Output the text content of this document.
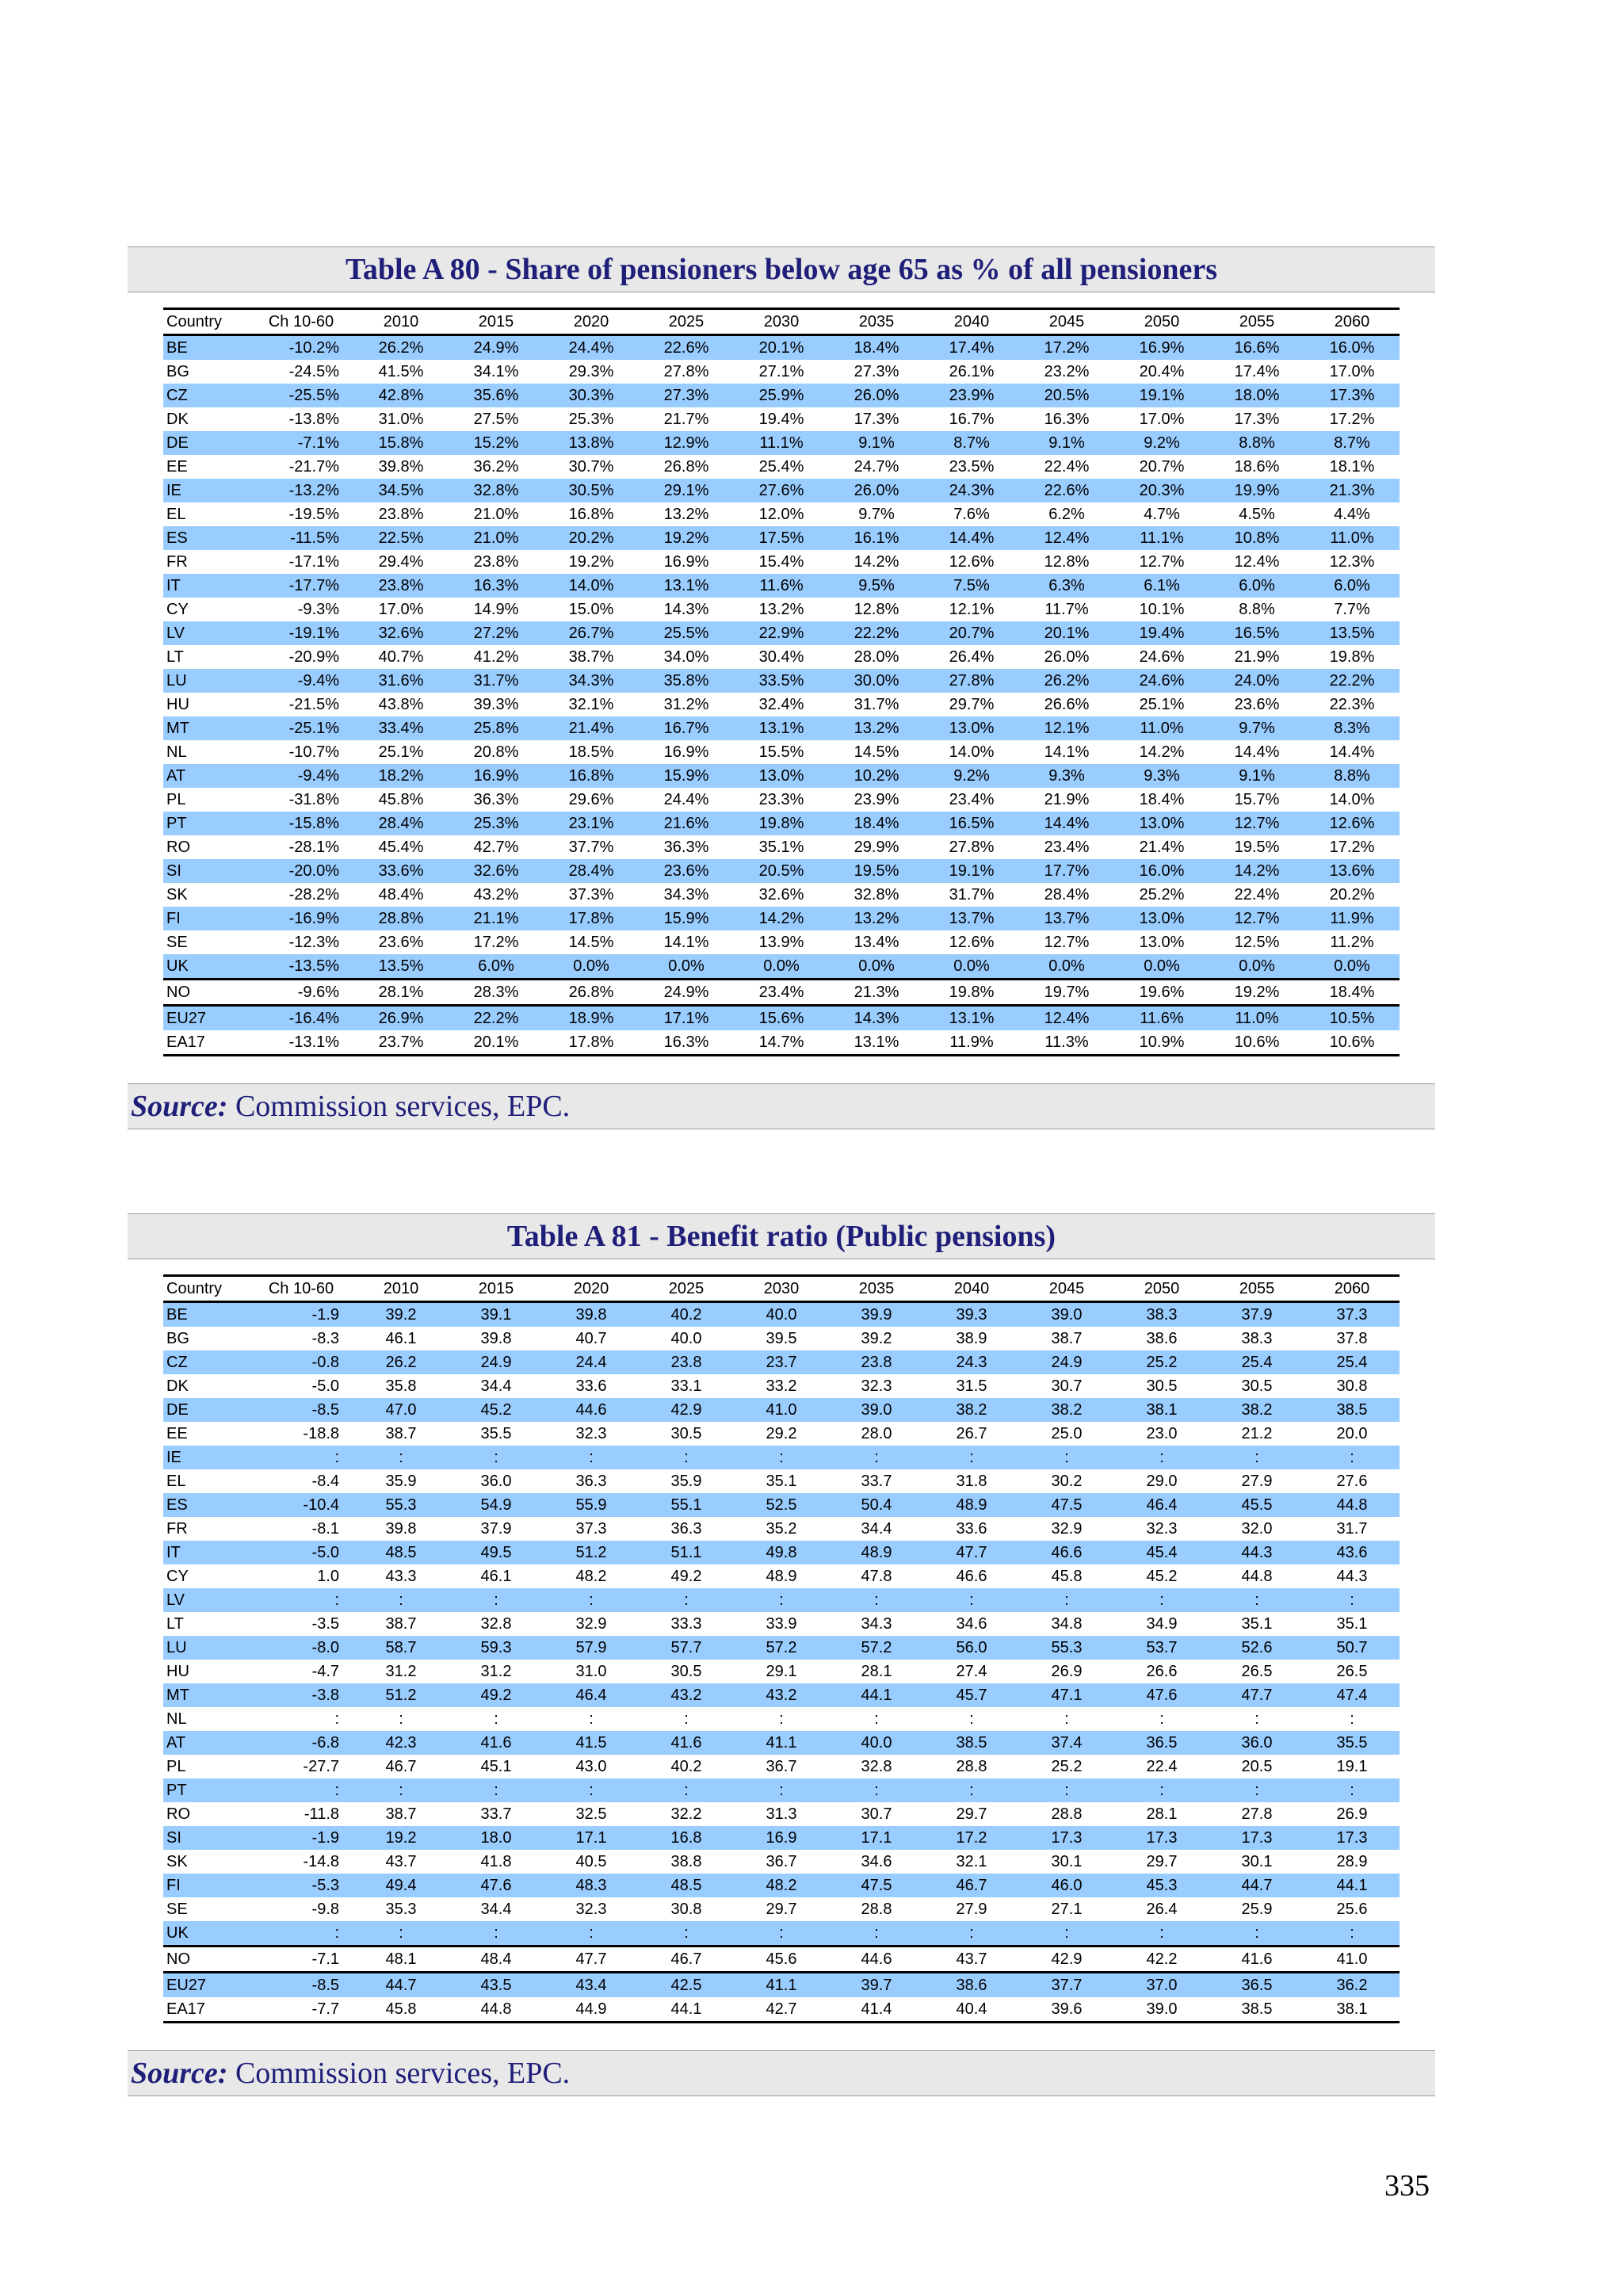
Table A 80 - Share of pensioners below age 65 as % of all pensioners
Country	Ch 10-60	2010	2015	2020	2025	2030	2035	2040	2045	2050	2055	2060
BE	-10.2%	26.2%	24.9%	24.4%	22.6%	20.1%	18.4%	17.4%	17.2%	16.9%	16.6%	16.0%
BG	-24.5%	41.5%	34.1%	29.3%	27.8%	27.1%	27.3%	26.1%	23.2%	20.4%	17.4%	17.0%
CZ	-25.5%	42.8%	35.6%	30.3%	27.3%	25.9%	26.0%	23.9%	20.5%	19.1%	18.0%	17.3%
DK	-13.8%	31.0%	27.5%	25.3%	21.7%	19.4%	17.3%	16.7%	16.3%	17.0%	17.3%	17.2%
DE	-7.1%	15.8%	15.2%	13.8%	12.9%	11.1%	9.1%	8.7%	9.1%	9.2%	8.8%	8.7%
EE	-21.7%	39.8%	36.2%	30.7%	26.8%	25.4%	24.7%	23.5%	22.4%	20.7%	18.6%	18.1%
IE	-13.2%	34.5%	32.8%	30.5%	29.1%	27.6%	26.0%	24.3%	22.6%	20.3%	19.9%	21.3%
EL	-19.5%	23.8%	21.0%	16.8%	13.2%	12.0%	9.7%	7.6%	6.2%	4.7%	4.5%	4.4%
ES	-11.5%	22.5%	21.0%	20.2%	19.2%	17.5%	16.1%	14.4%	12.4%	11.1%	10.8%	11.0%
FR	-17.1%	29.4%	23.8%	19.2%	16.9%	15.4%	14.2%	12.6%	12.8%	12.7%	12.4%	12.3%
IT	-17.7%	23.8%	16.3%	14.0%	13.1%	11.6%	9.5%	7.5%	6.3%	6.1%	6.0%	6.0%
CY	-9.3%	17.0%	14.9%	15.0%	14.3%	13.2%	12.8%	12.1%	11.7%	10.1%	8.8%	7.7%
LV	-19.1%	32.6%	27.2%	26.7%	25.5%	22.9%	22.2%	20.7%	20.1%	19.4%	16.5%	13.5%
LT	-20.9%	40.7%	41.2%	38.7%	34.0%	30.4%	28.0%	26.4%	26.0%	24.6%	21.9%	19.8%
LU	-9.4%	31.6%	31.7%	34.3%	35.8%	33.5%	30.0%	27.8%	26.2%	24.6%	24.0%	22.2%
HU	-21.5%	43.8%	39.3%	32.1%	31.2%	32.4%	31.7%	29.7%	26.6%	25.1%	23.6%	22.3%
MT	-25.1%	33.4%	25.8%	21.4%	16.7%	13.1%	13.2%	13.0%	12.1%	11.0%	9.7%	8.3%
NL	-10.7%	25.1%	20.8%	18.5%	16.9%	15.5%	14.5%	14.0%	14.1%	14.2%	14.4%	14.4%
AT	-9.4%	18.2%	16.9%	16.8%	15.9%	13.0%	10.2%	9.2%	9.3%	9.3%	9.1%	8.8%
PL	-31.8%	45.8%	36.3%	29.6%	24.4%	23.3%	23.9%	23.4%	21.9%	18.4%	15.7%	14.0%
PT	-15.8%	28.4%	25.3%	23.1%	21.6%	19.8%	18.4%	16.5%	14.4%	13.0%	12.7%	12.6%
RO	-28.1%	45.4%	42.7%	37.7%	36.3%	35.1%	29.9%	27.8%	23.4%	21.4%	19.5%	17.2%
SI	-20.0%	33.6%	32.6%	28.4%	23.6%	20.5%	19.5%	19.1%	17.7%	16.0%	14.2%	13.6%
SK	-28.2%	48.4%	43.2%	37.3%	34.3%	32.6%	32.8%	31.7%	28.4%	25.2%	22.4%	20.2%
FI	-16.9%	28.8%	21.1%	17.8%	15.9%	14.2%	13.2%	13.7%	13.7%	13.0%	12.7%	11.9%
SE	-12.3%	23.6%	17.2%	14.5%	14.1%	13.9%	13.4%	12.6%	12.7%	13.0%	12.5%	11.2%
UK	-13.5%	13.5%	6.0%	0.0%	0.0%	0.0%	0.0%	0.0%	0.0%	0.0%	0.0%	0.0%
NO	-9.6%	28.1%	28.3%	26.8%	24.9%	23.4%	21.3%	19.8%	19.7%	19.6%	19.2%	18.4%
EU27	-16.4%	26.9%	22.2%	18.9%	17.1%	15.6%	14.3%	13.1%	12.4%	11.6%	11.0%	10.5%
EA17	-13.1%	23.7%	20.1%	17.8%	16.3%	14.7%	13.1%	11.9%	11.3%	10.9%	10.6%	10.6%
Source: Commission services, EPC.
Table A 81 - Benefit ratio (Public pensions)
Country	Ch 10-60	2010	2015	2020	2025	2030	2035	2040	2045	2050	2055	2060
BE	-1.9	39.2	39.1	39.8	40.2	40.0	39.9	39.3	39.0	38.3	37.9	37.3
BG	-8.3	46.1	39.8	40.7	40.0	39.5	39.2	38.9	38.7	38.6	38.3	37.8
CZ	-0.8	26.2	24.9	24.4	23.8	23.7	23.8	24.3	24.9	25.2	25.4	25.4
DK	-5.0	35.8	34.4	33.6	33.1	33.2	32.3	31.5	30.7	30.5	30.5	30.8
DE	-8.5	47.0	45.2	44.6	42.9	41.0	39.0	38.2	38.2	38.1	38.2	38.5
EE	-18.8	38.7	35.5	32.3	30.5	29.2	28.0	26.7	25.0	23.0	21.2	20.0
IE	:	:	:	:	:	:	:	:	:	:	:	:
EL	-8.4	35.9	36.0	36.3	35.9	35.1	33.7	31.8	30.2	29.0	27.9	27.6
ES	-10.4	55.3	54.9	55.9	55.1	52.5	50.4	48.9	47.5	46.4	45.5	44.8
FR	-8.1	39.8	37.9	37.3	36.3	35.2	34.4	33.6	32.9	32.3	32.0	31.7
IT	-5.0	48.5	49.5	51.2	51.1	49.8	48.9	47.7	46.6	45.4	44.3	43.6
CY	1.0	43.3	46.1	48.2	49.2	48.9	47.8	46.6	45.8	45.2	44.8	44.3
LV	:	:	:	:	:	:	:	:	:	:	:	:
LT	-3.5	38.7	32.8	32.9	33.3	33.9	34.3	34.6	34.8	34.9	35.1	35.1
LU	-8.0	58.7	59.3	57.9	57.7	57.2	57.2	56.0	55.3	53.7	52.6	50.7
HU	-4.7	31.2	31.2	31.0	30.5	29.1	28.1	27.4	26.9	26.6	26.5	26.5
MT	-3.8	51.2	49.2	46.4	43.2	43.2	44.1	45.7	47.1	47.6	47.7	47.4
NL	:	:	:	:	:	:	:	:	:	:	:	:
AT	-6.8	42.3	41.6	41.5	41.6	41.1	40.0	38.5	37.4	36.5	36.0	35.5
PL	-27.7	46.7	45.1	43.0	40.2	36.7	32.8	28.8	25.2	22.4	20.5	19.1
PT	:	:	:	:	:	:	:	:	:	:	:	:
RO	-11.8	38.7	33.7	32.5	32.2	31.3	30.7	29.7	28.8	28.1	27.8	26.9
SI	-1.9	19.2	18.0	17.1	16.8	16.9	17.1	17.2	17.3	17.3	17.3	17.3
SK	-14.8	43.7	41.8	40.5	38.8	36.7	34.6	32.1	30.1	29.7	30.1	28.9
FI	-5.3	49.4	47.6	48.3	48.5	48.2	47.5	46.7	46.0	45.3	44.7	44.1
SE	-9.8	35.3	34.4	32.3	30.8	29.7	28.8	27.9	27.1	26.4	25.9	25.6
UK	:	:	:	:	:	:	:	:	:	:	:	:
NO	-7.1	48.1	48.4	47.7	46.7	45.6	44.6	43.7	42.9	42.2	41.6	41.0
EU27	-8.5	44.7	43.5	43.4	42.5	41.1	39.7	38.6	37.7	37.0	36.5	36.2
EA17	-7.7	45.8	44.8	44.9	44.1	42.7	41.4	40.4	39.6	39.0	38.5	38.1
Source: Commission services, EPC.
335
